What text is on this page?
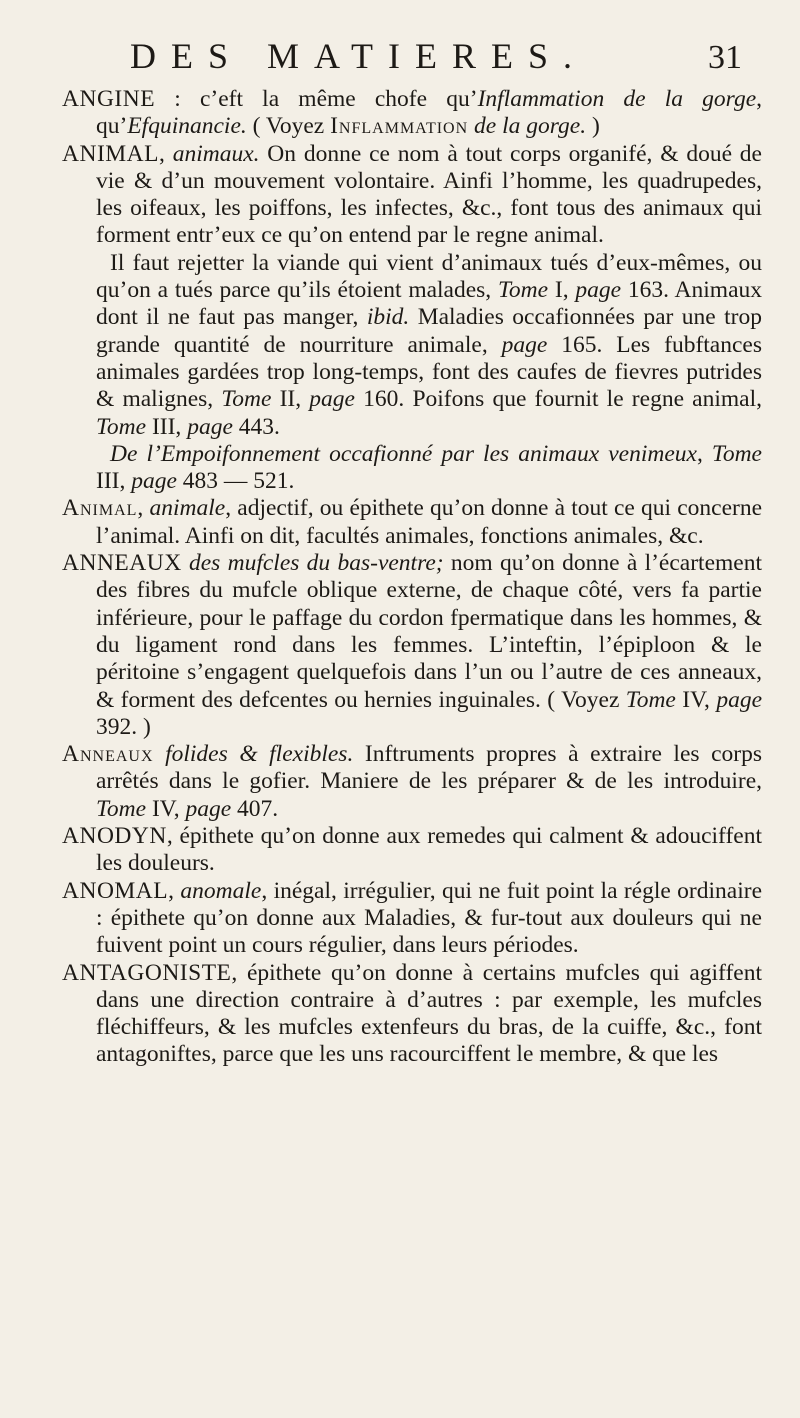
DES MATIERES.	31

ANGINE : c’eft la même chofe qu’Inflammation de la gorge, qu’Efquinancie. ( Voyez Inflammation de la gorge. )

ANIMAL, animaux. On donne ce nom à tout corps organifé, & doué de vie & d’un mouvement volontaire. Ainfi l’homme, les quadrupedes, les oifeaux, les poiffons, les infectes, &c., font tous des animaux qui forment entr’eux ce qu’on entend par le regne animal.

Il faut rejetter la viande qui vient d’animaux tués d’eux-mêmes, ou qu’on a tués parce qu’ils étoient malades, Tome I, page 163. Animaux dont il ne faut pas manger, ibid. Maladies occafionnées par une trop grande quantité de nourriture animale, page 165. Les fubftances animales gardées trop long-temps, font des caufes de fievres putrides & malignes, Tome II, page 160. Poifons que fournit le regne animal, Tome III, page 443.
De l’Empoifonnement occafionné par les animaux venimeux, Tome III, page 483 — 521.

Animal, animale, adjectif, ou épithete qu’on donne à tout ce qui concerne l’animal. Ainfi on dit, facultés animales, fonctions animales, &c.

ANNEAUX des mufcles du bas-ventre; nom qu’on donne à l’écartement des fibres du mufcle oblique externe, de chaque côté, vers fa partie inférieure, pour le paffage du cordon fpermatique dans les hommes, & du ligament rond dans les femmes. L’inteftin, l’épiploon & le péritoine s’engagent quelquefois dans l’un ou l’autre de ces anneaux, & forment des defcentes ou hernies inguinales. ( Voyez Tome IV, page 392. )

Anneaux folides & flexibles. Inftruments propres à extraire les corps arrêtés dans le gofier. Maniere de les préparer & de les introduire, Tome IV, page 407.

ANODYN, épithete qu’on donne aux remedes qui calment & adouciffent les douleurs.

ANOMAL, anomale, inégal, irrégulier, qui ne fuit point la régle ordinaire : épithete qu’on donne aux Maladies, & fur-tout aux douleurs qui ne fuivent point un cours régulier, dans leurs périodes.

ANTAGONISTE, épithete qu’on donne à certains mufcles qui agiffent dans une direction contraire à d’autres : par exemple, les mufcles fléchiffeurs, & les mufcles extenfeurs du bras, de la cuiffe, &c., font antagoniftes, parce que les uns racourciffent le membre, & que les
